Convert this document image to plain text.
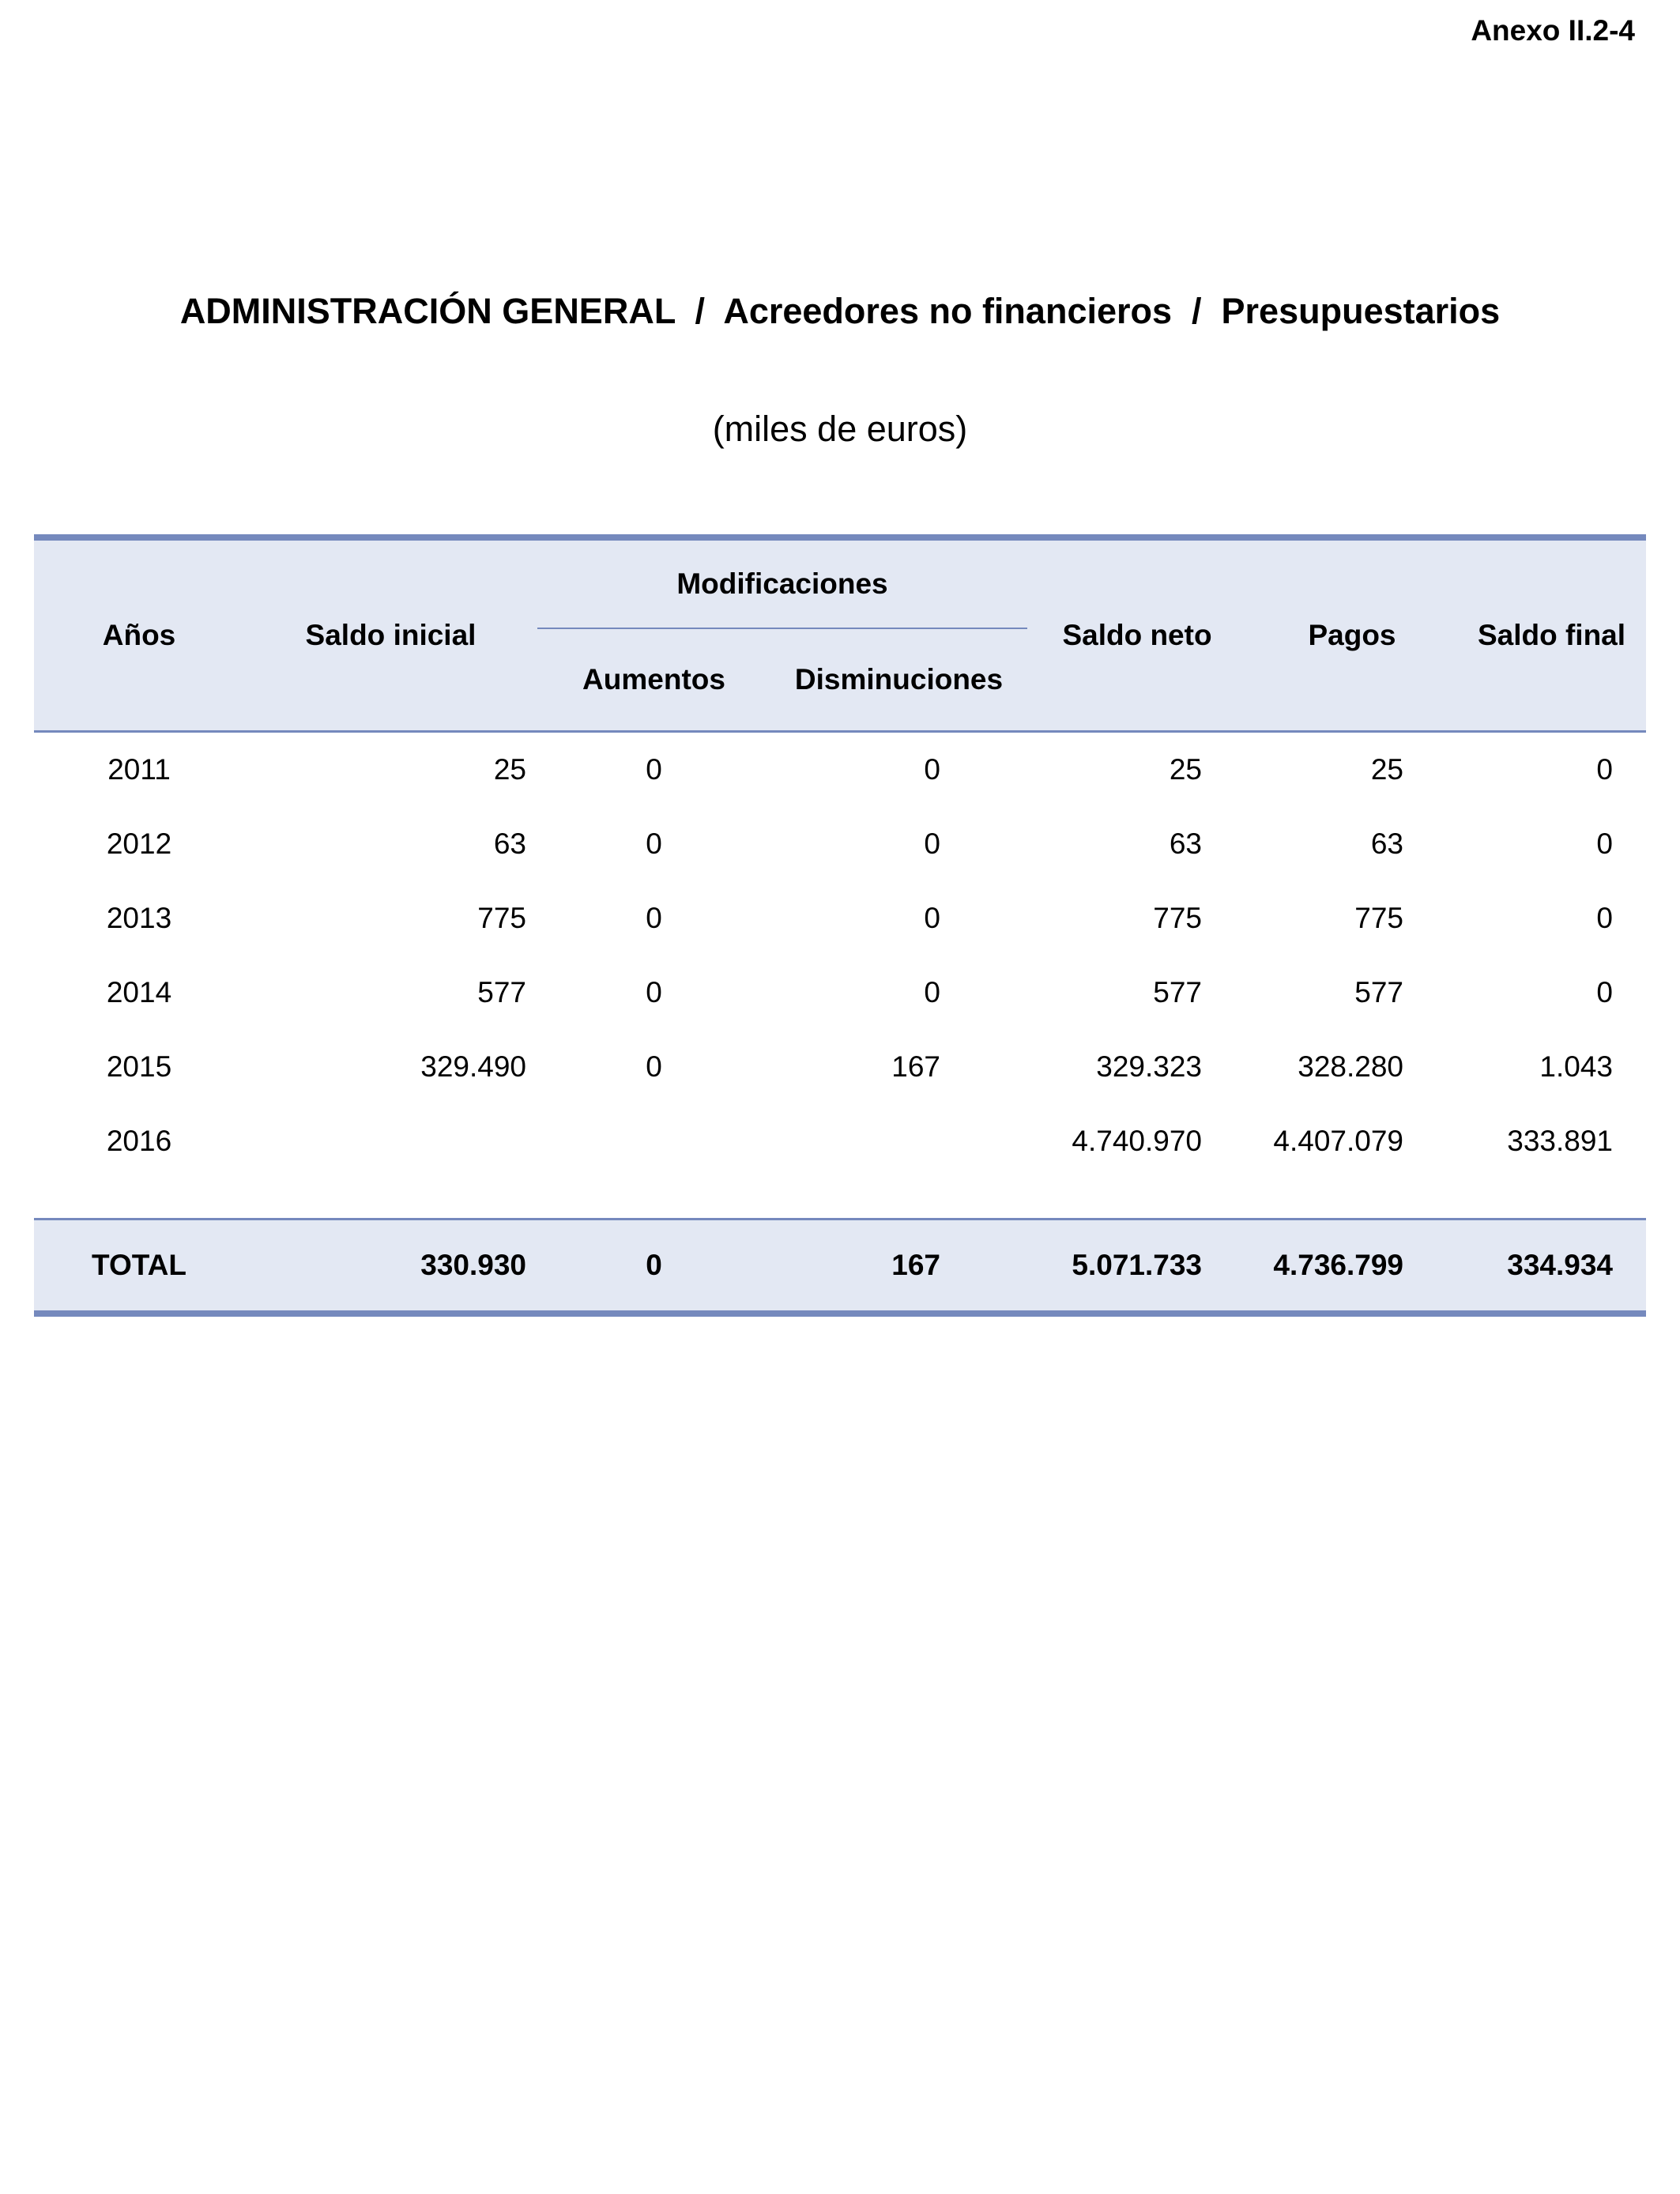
Anexo II.2-4
ADMINISTRACIÓN GENERAL  /  Acreedores no financieros  /  Presupuestarios
(miles de euros)
Años	Saldo inicial	Modificaciones		Saldo neto	Pagos	Saldo final
		Aumentos	Disminuciones			
2011	25	0	0	25	25	0
2012	63	0	0	63	63	0
2013	775	0	0	775	775	0
2014	577	0	0	577	577	0
2015	329.490	0	167	329.323	328.280	1.043
2016				4.740.970	4.407.079	333.891

TOTAL	330.930	0	167	5.071.733	4.736.799	334.934
